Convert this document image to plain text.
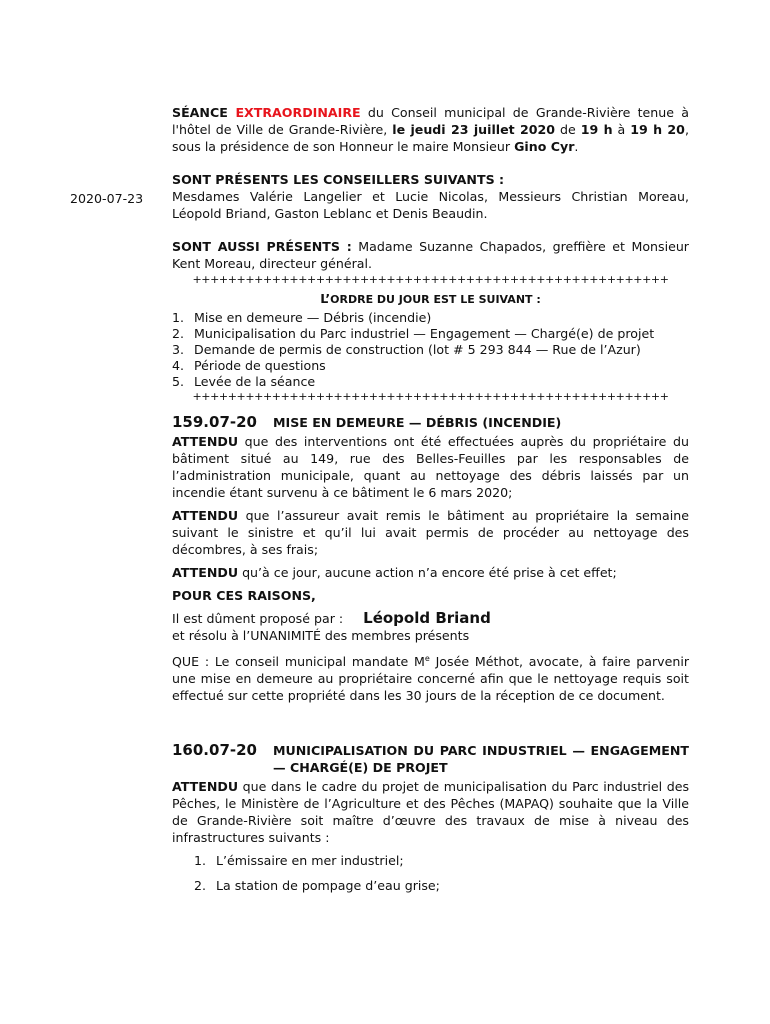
2020-07-23

SÉANCE EXTRAORDINAIRE du Conseil municipal de Grande-Rivière tenue à l'hôtel de Ville de Grande-Rivière, le jeudi 23 juillet 2020 de 19 h à 19 h 20, sous la présidence de son Honneur le maire Monsieur Gino Cyr.

SONT PRÉSENTS LES CONSEILLERS SUIVANTS :

Mesdames Valérie Langelier et Lucie Nicolas, Messieurs Christian Moreau, Léopold Briand, Gaston Leblanc et Denis Beaudin.

SONT AUSSI PRÉSENTS : Madame Suzanne Chapados, greffière et Monsieur Kent Moreau, directeur général.

++++++++++++++++++++++++++++++++++++++++++++++++++++++
L’ORDRE DU JOUR EST LE SUIVANT :
1. Mise en demeure — Débris (incendie)
2. Municipalisation du Parc industriel — Engagement — Chargé(e) de projet
3. Demande de permis de construction (lot # 5 293 844 — Rue de l’Azur)
4. Période de questions
5. Levée de la séance
++++++++++++++++++++++++++++++++++++++++++++++++++++++
159.07-20	MISE EN DEMEURE — DÉBRIS (INCENDIE)

ATTENDU que des interventions ont été effectuées auprès du propriétaire du bâtiment situé au 149, rue des Belles-Feuilles par les responsables de l’administration municipale, quant au nettoyage des débris laissés par un incendie étant survenu à ce bâtiment le 6 mars 2020;

ATTENDU que l’assureur avait remis le bâtiment au propriétaire la semaine suivant le sinistre et qu’il lui avait permis de procéder au nettoyage des décombres, à ses frais;

ATTENDU qu’à ce jour, aucune action n’a encore été prise à cet effet;

POUR CES RAISONS,

Il est dûment proposé par : Léopold Briand

et résolu à l’UNANIMITÉ des membres présents

QUE : Le conseil municipal mandate Me Josée Méthot, avocate, à faire parvenir une mise en demeure au propriétaire concerné afin que le nettoyage requis soit effectué sur cette propriété dans les 30 jours de la réception de ce document.

160.07-20	MUNICIPALISATION DU PARC INDUSTRIEL — ENGAGEMENT — CHARGÉ(E) DE PROJET

ATTENDU que dans le cadre du projet de municipalisation du Parc industriel des Pêches, le Ministère de l’Agriculture et des Pêches (MAPAQ) souhaite que la Ville de Grande-Rivière soit maître d’œuvre des travaux de mise à niveau des infrastructures suivants :

1. L’émissaire en mer industriel;
2. La station de pompage d’eau grise;
